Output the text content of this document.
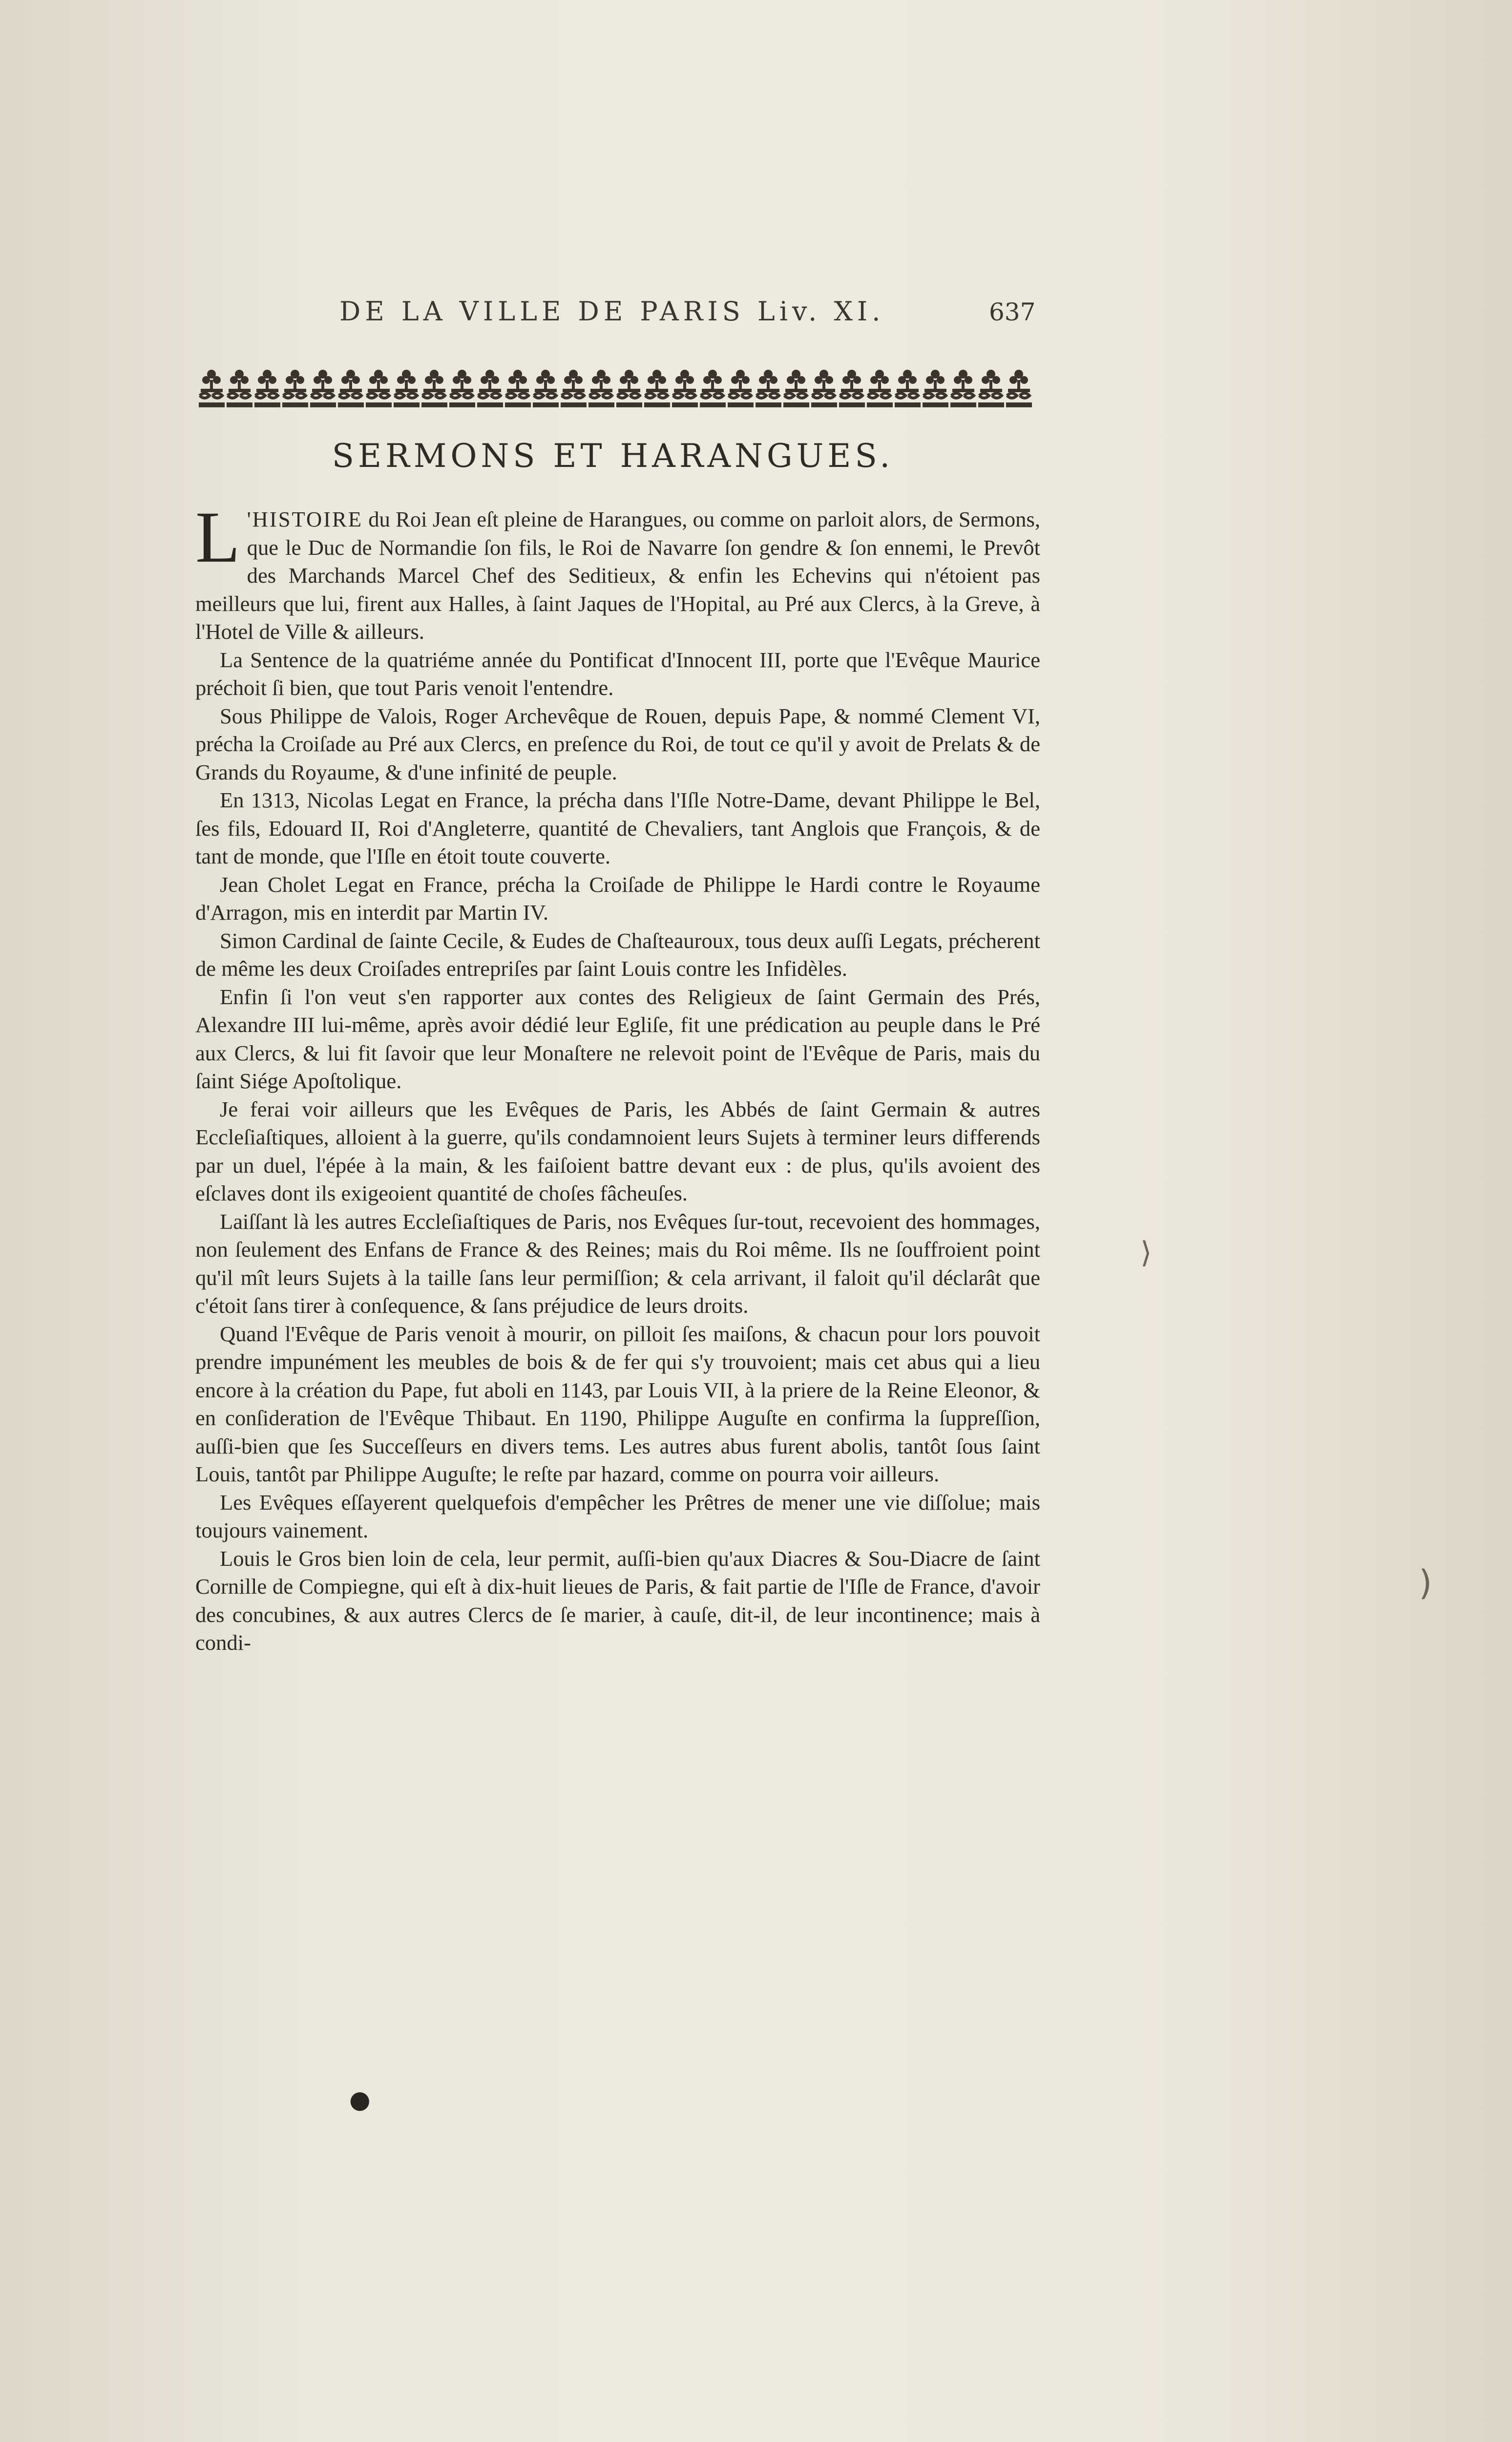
DE LA VILLE DE PARIS Liv. XI.	637
SERMONS ET HARANGUES.

L 'HISTOIRE du Roi Jean eſt pleine de Harangues, ou comme on parloit alors, de Sermons, que le Duc de Normandie ſon fils, le Roi de Navarre ſon gendre & ſon ennemi, le Prevôt des Marchands Marcel Chef des Seditieux, & enfin les Echevins qui n'étoient pas meilleurs que lui, firent aux Halles, à ſaint Jaques de l'Hopital, au Pré aux Clercs, à la Greve, à l'Hotel de Ville & ailleurs.

La Sentence de la quatriéme année du Pontificat d'Innocent III, porte que l'Evêque Maurice préchoit ſi bien, que tout Paris venoit l'entendre.

Sous Philippe de Valois, Roger Archevêque de Rouen, depuis Pape, & nommé Clement VI, précha la Croiſade au Pré aux Clercs, en preſence du Roi, de tout ce qu'il y avoit de Prelats & de Grands du Royaume, & d'une infinité de peuple.

En 1313, Nicolas Legat en France, la précha dans l'Iſle Notre-Dame, devant Philippe le Bel, ſes fils, Edouard II, Roi d'Angleterre, quantité de Chevaliers, tant Anglois que François, & de tant de monde, que l'Iſle en étoit toute couverte.

Jean Cholet Legat en France, précha la Croiſade de Philippe le Hardi contre le Royaume d'Arragon, mis en interdit par Martin IV.

Simon Cardinal de ſainte Cecile, & Eudes de Chaſteauroux, tous deux auſſi Legats, précherent de même les deux Croiſades entrepriſes par ſaint Louis contre les Infidèles.

Enfin ſi l'on veut s'en rapporter aux contes des Religieux de ſaint Germain des Prés, Alexandre III lui-même, après avoir dédié leur Egliſe, fit une prédication au peuple dans le Pré aux Clercs, & lui fit ſavoir que leur Monaſtere ne relevoit point de l'Evêque de Paris, mais du ſaint Siége Apoſtolique.

Je ferai voir ailleurs que les Evêques de Paris, les Abbés de ſaint Germain & autres Eccleſiaſtiques, alloient à la guerre, qu'ils condamnoient leurs Sujets à terminer leurs differends par un duel, l'épée à la main, & les faiſoient battre devant eux : de plus, qu'ils avoient des eſclaves dont ils exigeoient quantité de choſes fâcheuſes.

Laiſſant là les autres Eccleſiaſtiques de Paris, nos Evêques ſur-tout, recevoient des hommages, non ſeulement des Enfans de France & des Reines; mais du Roi même. Ils ne ſouffroient point qu'il mît leurs Sujets à la taille ſans leur permiſſion; & cela arrivant, il faloit qu'il déclarât que c'étoit ſans tirer à conſequence, & ſans préjudice de leurs droits.

Quand l'Evêque de Paris venoit à mourir, on pilloit ſes maiſons, & chacun pour lors pouvoit prendre impunément les meubles de bois & de fer qui s'y trouvoient; mais cet abus qui a lieu encore à la création du Pape, fut aboli en 1143, par Louis VII, à la priere de la Reine Eleonor, & en conſideration de l'Evêque Thibaut. En 1190, Philippe Auguſte en confirma la ſuppreſſion, auſſi-bien que ſes Succeſſeurs en divers tems. Les autres abus furent abolis, tantôt ſous ſaint Louis, tantôt par Philippe Auguſte; le reſte par hazard, comme on pourra voir ailleurs.

Les Evêques eſſayerent quelquefois d'empêcher les Prêtres de mener une vie diſſolue; mais toujours vainement.

Louis le Gros bien loin de cela, leur permit, auſſi-bien qu'aux Diacres & Sou-Diacre de ſaint Cornille de Compiegne, qui eſt à dix-huit lieues de Paris, & fait partie de l'Iſle de France, d'avoir des concubines, & aux autres Clercs de ſe marier, à cauſe, dit-il, de leur incontinence; mais à condi-

⟩
)
●
